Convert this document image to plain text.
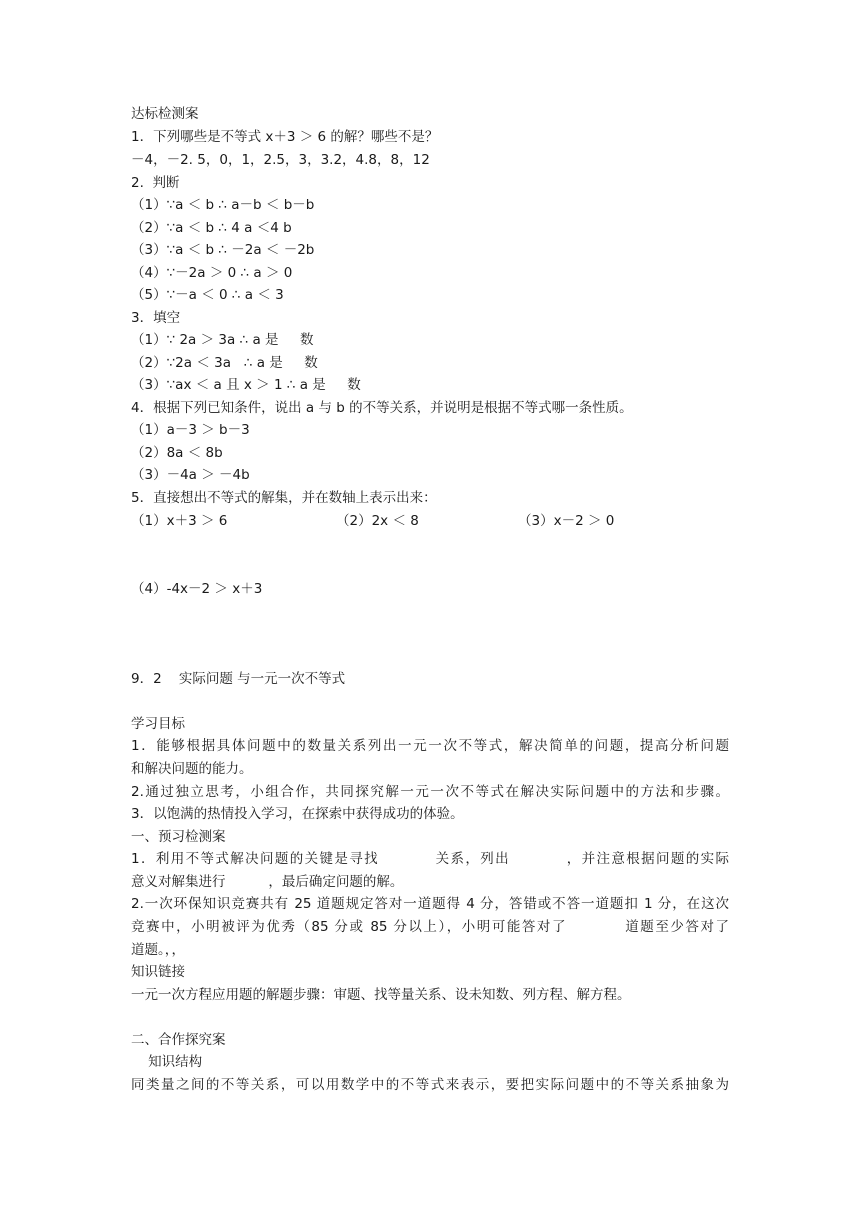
达标检测案
1．下列哪些是不等式 x＋3 ＞ 6 的解？哪些不是？
－4，－2. 5，0，1，2.5，3，3.2，4.8，8，12
2.  判断
（1）∵a ＜ b ∴ a－b ＜ b－b
（2）∵a ＜ b ∴ 4 a ＜4 b
（3）∵a ＜ b ∴ －2a ＜ －2b
（4）∵－2a ＞ 0 ∴ a ＞ 0
（5）∵－a ＜ 0 ∴ a ＜ 3
3．填空
（1）∵ 2a ＞ 3a ∴ a 是     数
（2）∵2a ＜ 3a   ∴ a 是     数
（3）∵ax ＜ a 且 x ＞ 1 ∴ a 是     数
4．根据下列已知条件，说出 a 与 b 的不等关系，并说明是根据不等式哪一条性质。
（1）a－3 ＞ b－3
（2）8a ＜ 8b
（3）－4a ＞ －4b
5．直接想出不等式的解集，并在数轴上表示出来：
（1）x＋3 ＞ 6	（2）2x ＜ 8	（3）x－2 ＞ 0
（4）-4x－2 ＞ x＋3
9．2    实际问题 与一元一次不等式
学习目标
1．能够根据具体问题中的数量关系列出一元一次不等式，解决简单的问题，提高分析问题
和解决问题的能力。
2.通过独立思考，小组合作，共同探究解一元一次不等式在解决实际问题中的方法和步骤。
3．以饱满的热情投入学习，在探索中获得成功的体验。
一、预习检测案
1．利用不等式解决问题的关键是寻找          关系，列出          ，并注意根据问题的实际
意义对解集进行          ，最后确定问题的解。
2.一次环保知识竞赛共有 25 道题规定答对一道题得 4 分，答错或不答一道题扣 1 分，在这次
竞赛中，小明被评为优秀（85 分或 85 分以上），小明可能答对了          道题至少答对了
道题。，，
知识链接
一元一次方程应用题的解题步骤：审题、找等量关系、设未知数、列方程、解方程。
二、合作探究案
知识结构
同类量之间的不等关系，可以用数学中的不等式来表示，要把实际问题中的不等关系抽象为
